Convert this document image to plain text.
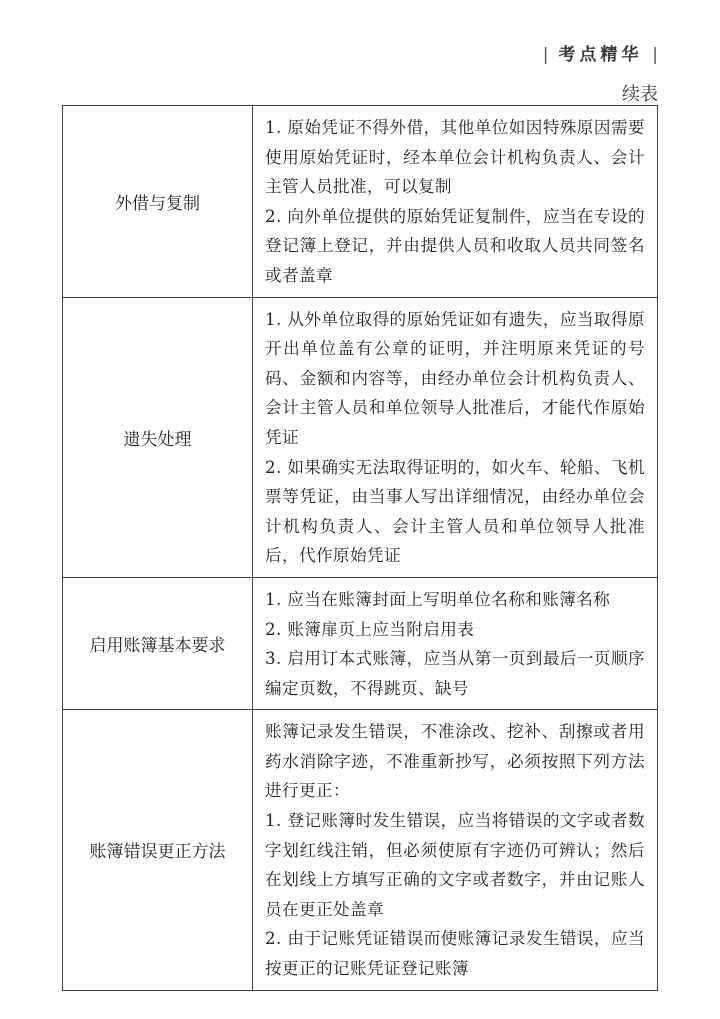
| 考点精华 |
续表
外借与复制	1. 原始凭证不得外借，其他单位如因特殊原因需要使用原始凭证时，经本单位会计机构负责人、会计主管人员批准，可以复制

2. 向外单位提供的原始凭证复制件，应当在专设的登记簿上登记，并由提供人员和收取人员共同签名或者盖章

遗失处理	1. 从外单位取得的原始凭证如有遗失，应当取得原开出单位盖有公章的证明，并注明原来凭证的号码、金额和内容等，由经办单位会计机构负责人、会计主管人员和单位领导人批准后，才能代作原始凭证

2. 如果确实无法取得证明的，如火车、轮船、飞机票等凭证，由当事人写出详细情况，由经办单位会计机构负责人、会计主管人员和单位领导人批准后，代作原始凭证

启用账簿基本要求	1. 应当在账簿封面上写明单位名称和账簿名称

2. 账簿扉页上应当附启用表

3. 启用订本式账簿，应当从第一页到最后一页顺序编定页数，不得跳页、缺号

账簿错误更正方法	账簿记录发生错误，不准涂改、挖补、刮擦或者用药水消除字迹，不准重新抄写，必须按照下列方法进行更正：

1. 登记账簿时发生错误，应当将错误的文字或者数字划红线注销，但必须使原有字迹仍可辨认；然后在划线上方填写正确的文字或者数字，并由记账人员在更正处盖章

2. 由于记账凭证错误而使账簿记录发生错误，应当按更正的记账凭证登记账簿
